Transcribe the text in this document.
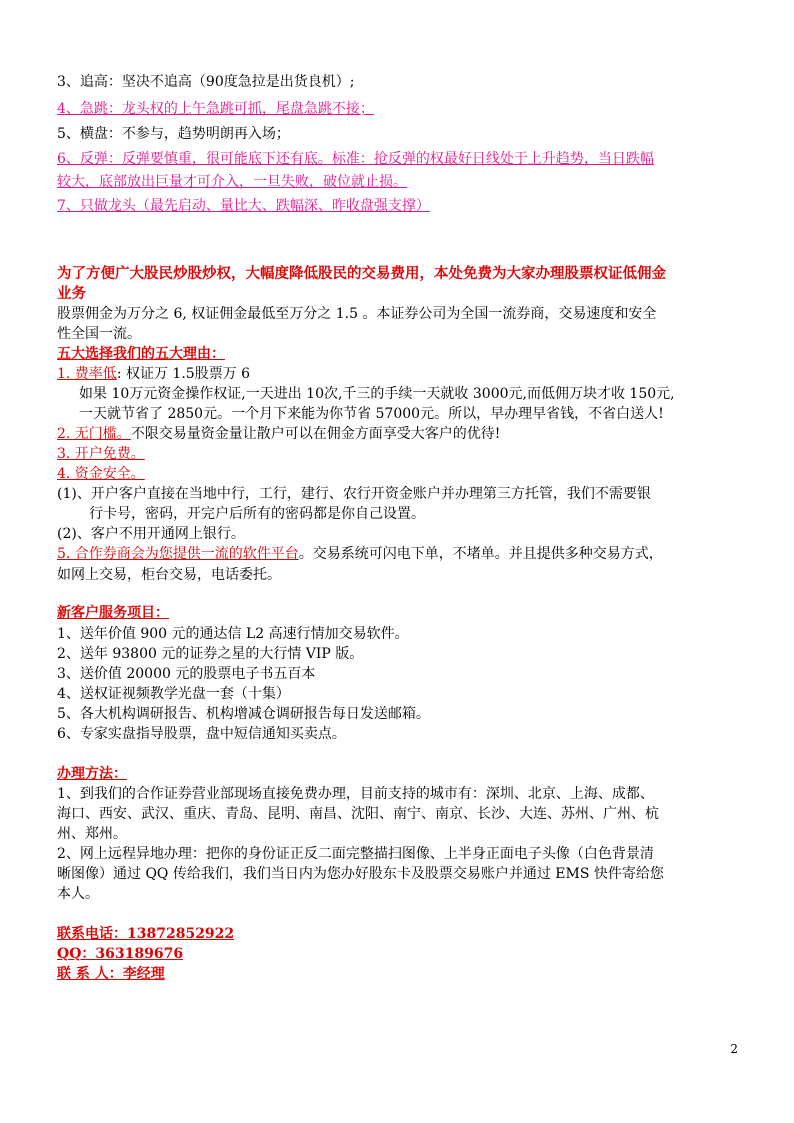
3、追高：坚决不追高（90度急拉是出货良机）;
4、急跳：龙头权的上午急跳可抓，尾盘急跳不接；
5、横盘：不参与，趋势明朗再入场；
6、反弹：反弹要慎重，很可能底下还有底。标准：抢反弹的权最好日线处于上升趋势，当日跌幅
较大，底部放出巨量才可介入，一旦失败，破位就止损。
7、只做龙头（最先启动、量比大、跌幅深、昨收盘强支撑）
为了方便广大股民炒股炒权，大幅度降低股民的交易费用，本处免费为大家办理股票权证低佣金
业务
股票佣金为万分之 6, 权证佣金最低至万分之 1.5 。本证券公司为全国一流券商，交易速度和安全
性全国一流。
五大选择我们的五大理由：
1. 费率低: 权证万 1.5股票万 6
如果 10万元资金操作权证,一天进出 10次,千三的手续一天就收 3000元,而低佣万块才收 150元,
一天就节省了 2850元。一个月下来能为你节省 57000元。所以，早办理早省钱，不省白送人!
2. 无门槛。不限交易量资金量让散户可以在佣金方面享受大客户的优待!
3. 开户免费。
4. 资金安全。
(1)、开户客户直接在当地中行，工行，建行、农行开资金账户并办理第三方托管，我们不需要银
行卡号，密码，开完户后所有的密码都是你自己设置。
(2)、客户不用开通网上银行。
5. 合作券商会为您提供一流的软件平台。交易系统可闪电下单，不堵单。并且提供多种交易方式，
如网上交易，柜台交易，电话委托。
新客户服务项目：
1、送年价值 900 元的通达信 L2 高速行情加交易软件。
2、送年 93800 元的证券之星的大行情 VIP 版。
3、送价值 20000 元的股票电子书五百本
4、送权证视频教学光盘一套（十集）
5、各大机构调研报告、机构增减仓调研报告每日发送邮箱。
6、专家实盘指导股票，盘中短信通知买卖点。
办理方法：
1、到我们的合作证券营业部现场直接免费办理，目前支持的城市有：深圳、北京、上海、成都、
海口、西安、武汉、重庆、青岛、昆明、南昌、沈阳、南宁、南京、长沙、大连、苏州、广州、杭
州、郑州。
2、网上远程异地办理：把你的身份证正反二面完整描扫图像、上半身正面电子头像（白色背景清
晰图像）通过 QQ 传给我们，我们当日内为您办好股东卡及股票交易账户并通过 EMS 快件寄给您
本人。
联系电话：13872852922
QQ：363189676
联 系 人：李经理
2
